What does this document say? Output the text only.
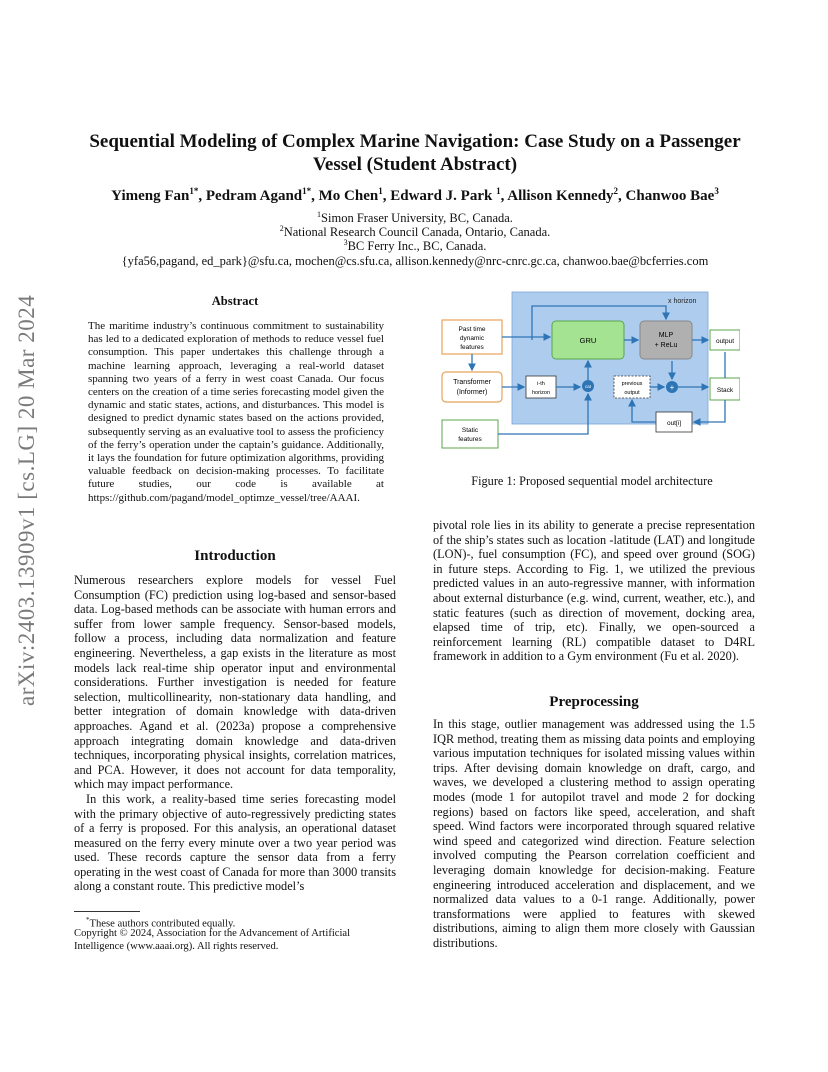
arXiv:2403.13909v1 [cs.LG] 20 Mar 2024
Sequential Modeling of Complex Marine Navigation: Case Study on a Passenger
Vessel (Student Abstract)
Yimeng Fan$^{1*}$, Pedram Agand$^{1*}$, Mo Chen$^1$, Edward J. Park $^1$, Allison Kennedy$^2$, Chanwoo Bae$^3$
$^1$Simon Fraser University, BC, Canada.
$^2$National Research Council Canada, Ontario, Canada.
$^3$BC Ferry Inc., BC, Canada.
{yfa56,pagand, ed_park}@sfu.ca, mochen@cs.sfu.ca, allison.kennedy@nrc-cnrc.gc.ca, chanwoo.bae@bcferries.com
Abstract
The maritime industry’s continuous commitment to sustainability has led to a dedicated exploration of methods to reduce vessel fuel consumption. This paper undertakes this challenge through a machine learning approach, leveraging a real-world dataset spanning two years of a ferry in west coast Canada. Our focus centers on the creation of a time series forecasting model given the dynamic and static states, actions, and disturbances. This model is designed to predict dynamic states based on the actions provided, subsequently serving as an evaluative tool to assess the proficiency of the ferry’s operation under the captain’s guidance. Additionally, it lays the foundation for future optimization algorithms, providing valuable feedback on decision-making processes. To facilitate future studies, our code is available at https://github.com/pagand/model_optimze_vessel/tree/AAAI.
Introduction

Numerous researchers explore models for vessel Fuel Consumption (FC) prediction using log-based and sensor-based data. Log-based methods can be associate with human errors and suffer from lower sample frequency. Sensor-based models, follow a process, including data normalization and feature engineering. Nevertheless, a gap exists in the literature as most models lack real-time ship operator input and environmental considerations. Further investigation is needed for feature selection, multicollinearity, non-stationary data handling, and better integration of domain knowledge with data-driven approaches. Agand et al. (2023a) propose a comprehensive approach integrating domain knowledge and data-driven techniques, incorporating physical insights, correlation matrices, and PCA. However, it does not account for data temporality, which may impact performance.

In this work, a reality-based time series forecasting model with the primary objective of auto-regressively predicting states of a ferry is proposed. For this analysis, an operational dataset measured on the ferry every minute over a two year period was used. These records capture the sensor data from a ferry operating in the west coast of Canada for more than 3000 transits along a constant route. This predictive model’s

*These authors contributed equally.
Copyright © 2024, Association for the Advancement of Artificial Intelligence (www.aaai.org). All rights reserved.
x horizon
Past time
dynamic
features
GRU
MLP
+ ReLu
output
Transformer
(Informer)
i-th
horizon
cat	previous
output
+	Stack
out[i]
Static
features
Figure 1: Proposed sequential model architecture
pivotal role lies in its ability to generate a precise representation of the ship’s states such as location -latitude (LAT) and longitude (LON)-, fuel consumption (FC), and speed over ground (SOG) in future steps. According to Fig. 1, we utilized the previous predicted values in an auto-regressive manner, with information about external disturbance (e.g. wind, current, weather, etc.), and static features (such as direction of movement, docking area, elapsed time of trip, etc). Finally, we open-sourced a reinforcement learning (RL) compatible dataset to D4RL framework in addition to a Gym environment (Fu et al. 2020).
Preprocessing
In this stage, outlier management was addressed using the 1.5 IQR method, treating them as missing data points and employing various imputation techniques for isolated missing values within trips. After devising domain knowledge on draft, cargo, and waves, we developed a clustering method to assign operating modes (mode 1 for autopilot travel and mode 2 for docking regions) based on factors like speed, acceleration, and shaft speed. Wind factors were incorporated through squared relative wind speed and categorized wind direction. Feature selection involved computing the Pearson correlation coefficient and leveraging domain knowledge for decision-making. Feature engineering introduced acceleration and displacement, and we normalized data values to a 0-1 range. Additionally, power transformations were applied to features with skewed distributions, aiming to align them more closely with Gaussian distributions.
